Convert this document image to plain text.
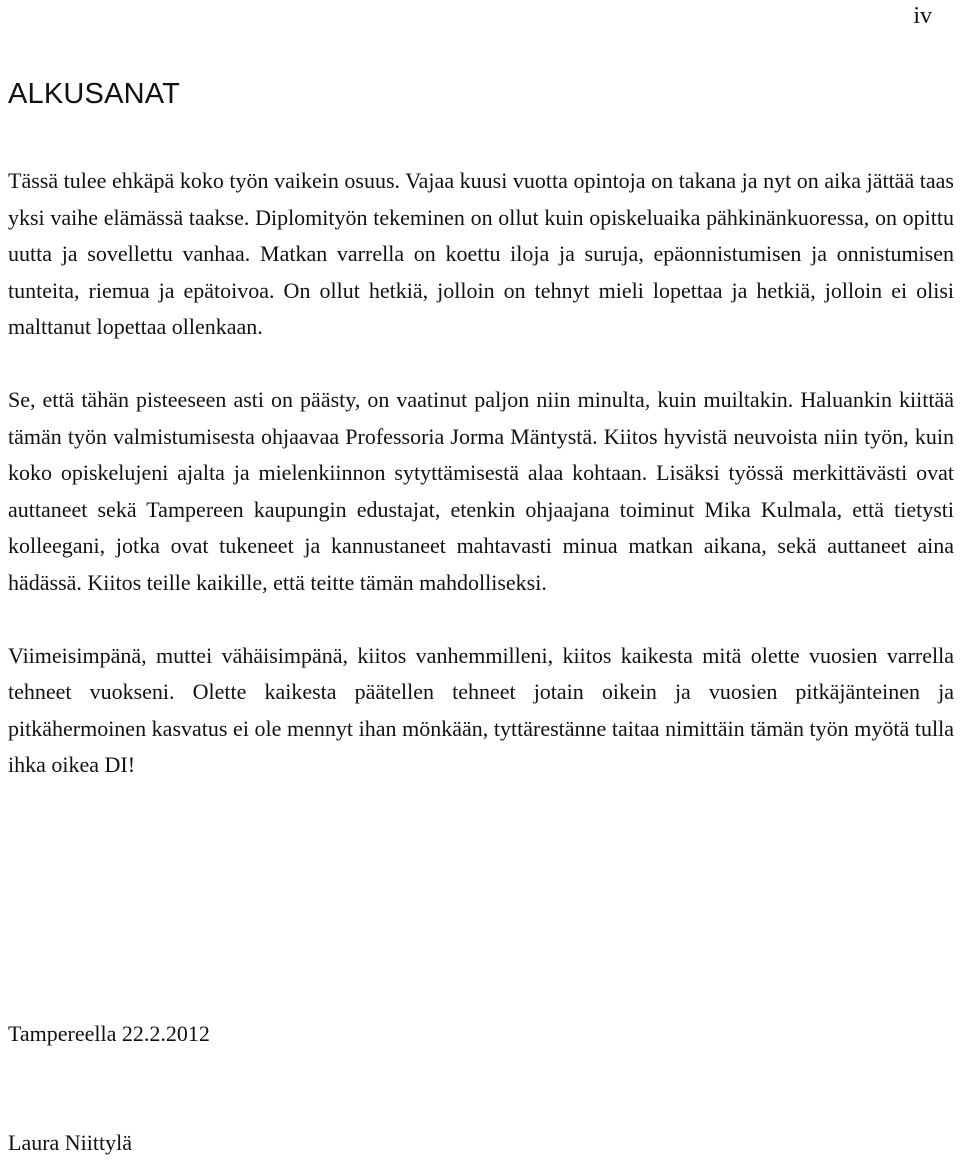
iv
ALKUSANAT

Tässä tulee ehkäpä koko työn vaikein osuus. Vajaa kuusi vuotta opintoja on takana ja nyt on aika jättää taas yksi vaihe elämässä taakse. Diplomityön tekeminen on ollut kuin opiskeluaika pähkinänkuoressa, on opittu uutta ja sovellettu vanhaa. Matkan varrella on koettu iloja ja suruja, epäonnistumisen ja onnistumisen tunteita, riemua ja epätoivoa. On ollut hetkiä, jolloin on tehnyt mieli lopettaa ja hetkiä, jolloin ei olisi malttanut lopettaa ollenkaan.

Se, että tähän pisteeseen asti on päästy, on vaatinut paljon niin minulta, kuin muiltakin. Haluankin kiittää tämän työn valmistumisesta ohjaavaa Professoria Jorma Mäntystä. Kiitos hyvistä neuvoista niin työn, kuin koko opiskelujeni ajalta ja mielenkiinnon sytyttämisestä alaa kohtaan. Lisäksi työssä merkittävästi ovat auttaneet sekä Tampereen kaupungin edustajat, etenkin ohjaajana toiminut Mika Kulmala, että tietysti kolleegani, jotka ovat tukeneet ja kannustaneet mahtavasti minua matkan aikana, sekä auttaneet aina hädässä. Kiitos teille kaikille, että teitte tämän mahdolliseksi.

Viimeisimpänä, muttei vähäisimpänä, kiitos vanhemmilleni, kiitos kaikesta mitä olette vuosien varrella tehneet vuokseni. Olette kaikesta päätellen tehneet jotain oikein ja vuosien pitkäjänteinen ja pitkähermoinen kasvatus ei ole mennyt ihan mönkään, tyttärestänne taitaa nimittäin tämän työn myötä tulla ihka oikea DI!

Tampereella 22.2.2012
Laura Niittylä
